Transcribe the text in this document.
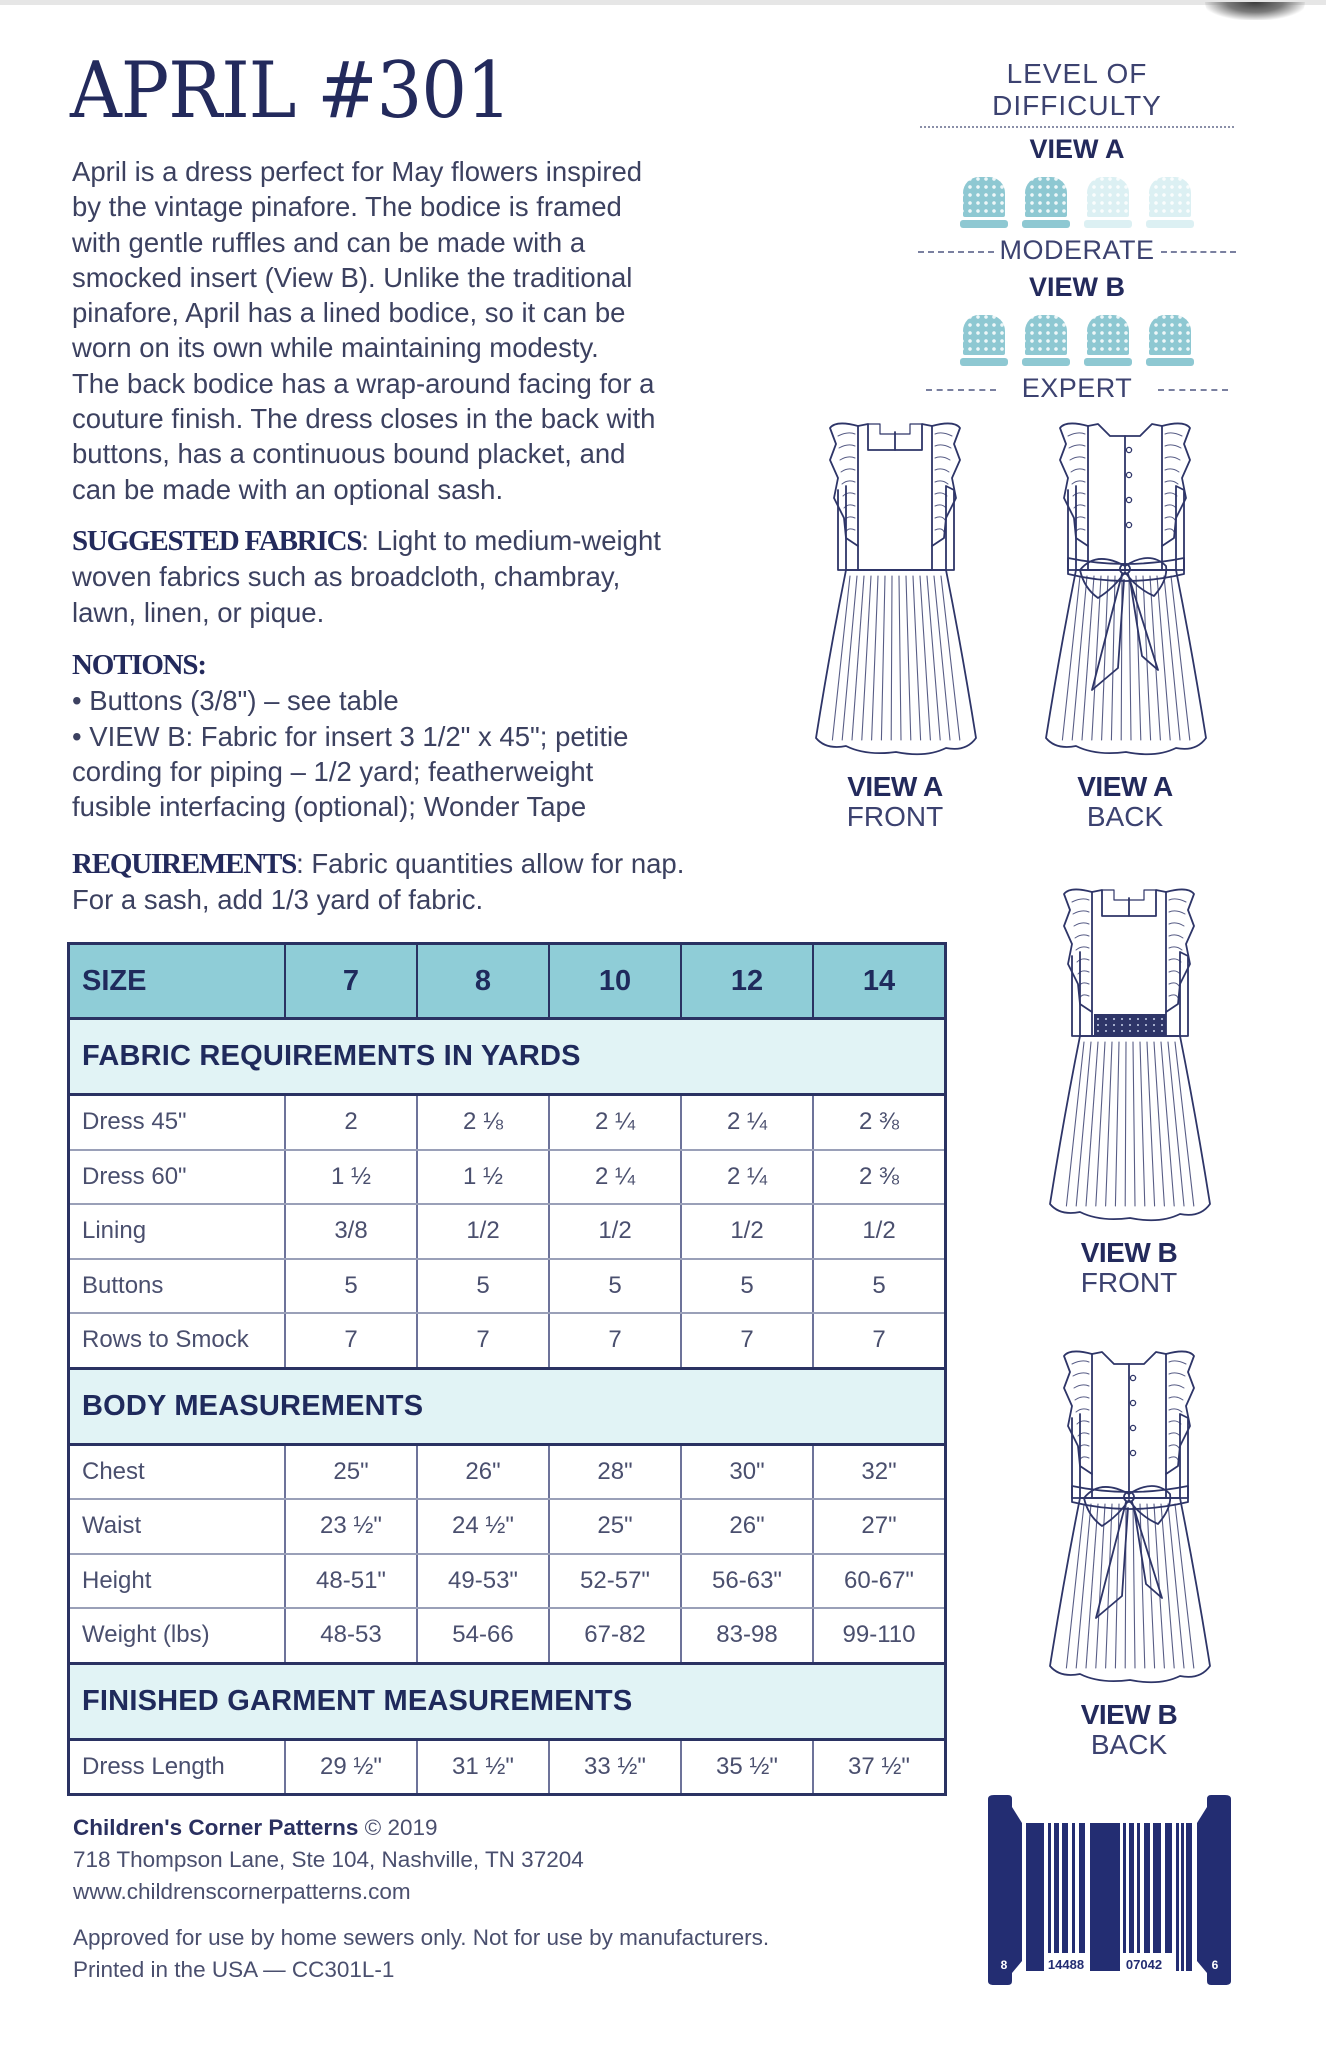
APRIL #301
April is a dress perfect for May flowers inspired
by the vintage pinafore. The bodice is framed
with gentle ruffles and can be made with a
smocked insert (View B). Unlike the traditional
pinafore, April has a lined bodice, so it can be
worn on its own while maintaining modesty.
The back bodice has a wrap-around facing for a
couture finish. The dress closes in the back with
buttons, has a continuous bound placket, and
can be made with an optional sash.
SUGGESTED FABRICS: Light to medium-weight
woven fabrics such as broadcloth, chambray,
lawn, linen, or pique.
NOTIONS:
• Buttons (3/8") – see table
• VIEW B: Fabric for insert 3 1/2" x 45"; petitie
cording for piping – 1/2 yard; featherweight
fusible interfacing (optional); Wonder Tape
REQUIREMENTS: Fabric quantities allow for nap.
For a sash, add 1/3 yard of fabric.
LEVEL OF DIFFICULTY
VIEW A
MODERATE
VIEW B
EXPERT
VIEW A
FRONT
VIEW A
BACK
VIEW B
FRONT
VIEW B
BACK
SIZE	7	8	10	12	14
FABRIC REQUIREMENTS IN YARDS
Dress 45"	2	2 ⅛	2 ¼	2 ¼	2 ⅜
Dress 60"	1 ½	1 ½	2 ¼	2 ¼	2 ⅜
Lining	3/8	1/2	1/2	1/2	1/2
Buttons	5	5	5	5	5
Rows to Smock	7	7	7	7	7
BODY MEASUREMENTS
Chest	25"	26"	28"	30"	32"
Waist	23 ½"	24 ½"	25"	26"	27"
Height	48-51"	49-53"	52-57"	56-63"	60-67"
Weight (lbs)	48-53	54-66	67-82	83-98	99-110
FINISHED GARMENT MEASUREMENTS
Dress Length	29 ½"	31 ½"	33 ½"	35 ½"	37 ½"

Children's Corner Patterns © 2019

718 Thompson Lane, Ste 104, Nashville, TN 37204

www.childrenscornerpatterns.com

Approved for use by home sewers only. Not for use by manufacturers.

Printed in the USA — CC301L-1	8	14488	07042	6
